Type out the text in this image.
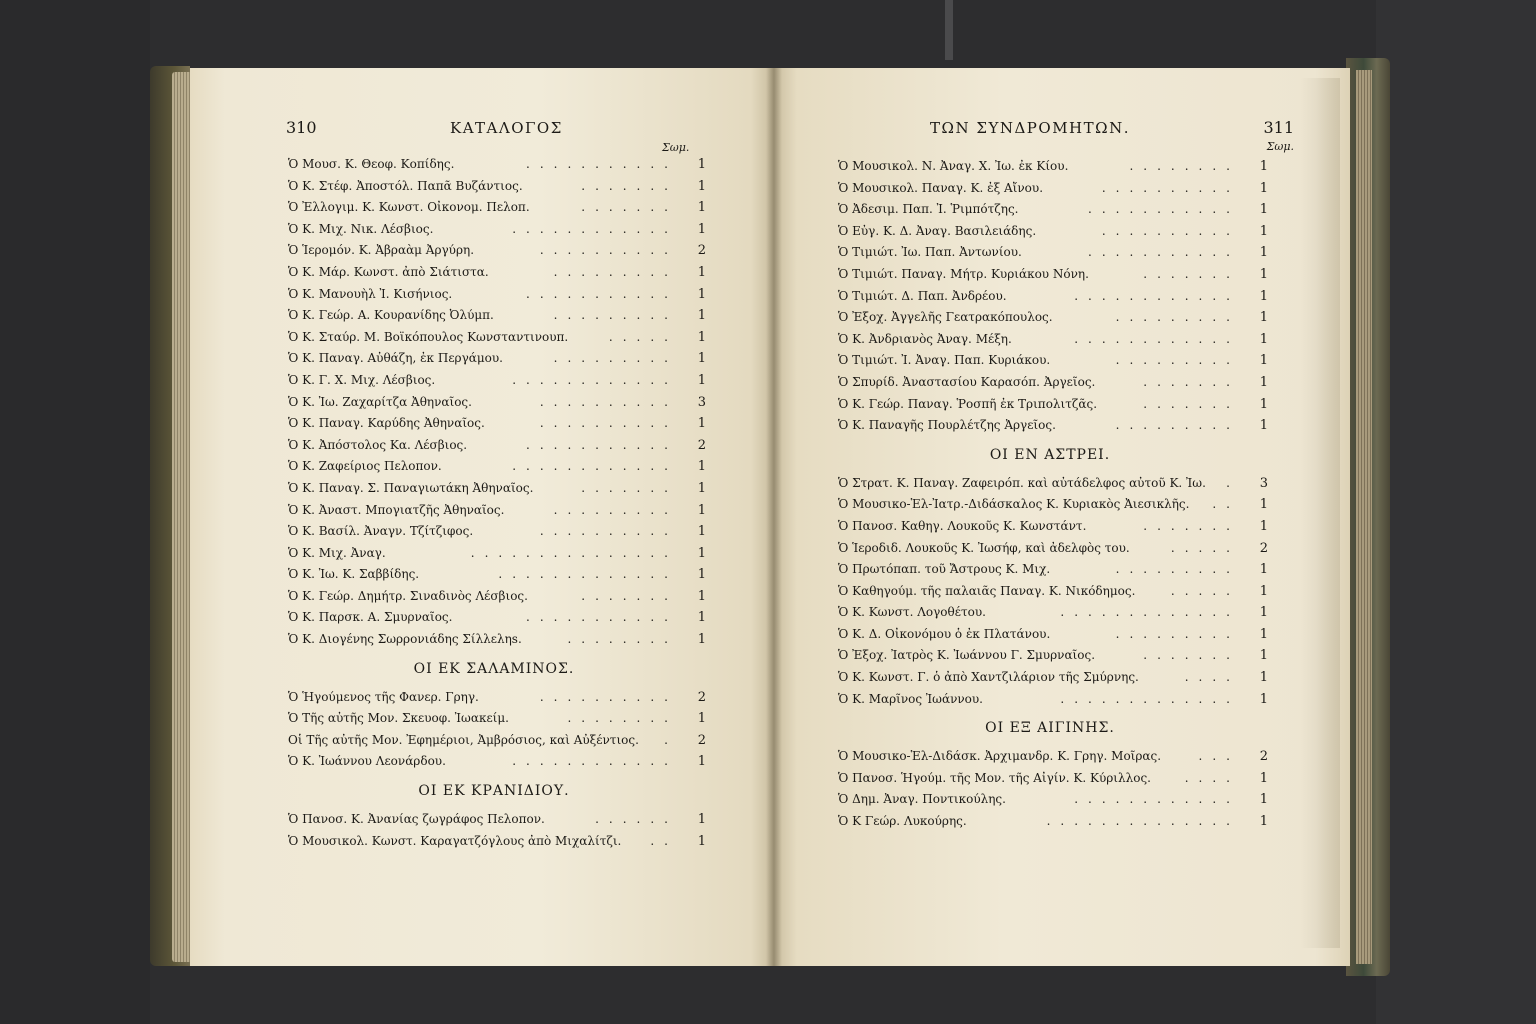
310	ΚΑΤΑΛΟΓΟΣ
Σωμ.
Ὁ Μουσ. Κ. Θεοφ. Κοπίδης.	...........	1
Ὁ Κ. Στέφ. Ἀποστόλ. Παπᾶ Βυζάντιος.	.......	1
Ὁ Ἐλλογιμ. Κ. Κωνστ. Οἰκονομ. Πελοπ.	.......	1
Ὁ Κ. Μιχ. Νικ. Λέσβιος.	............	1
Ὁ Ἱερομόν. Κ. Ἀβραὰμ Ἀργύρη.	..........	2
Ὁ Κ. Μάρ. Κωνστ. ἀπὸ Σιάτιστα.	.........	1
Ὁ Κ. Μανουὴλ Ἰ. Κισήνιος.	...........	1
Ὁ Κ. Γεώρ. Α. Κουρανίδης Ὀλύμπ.	.........	1
Ὁ Κ. Σταύρ. Μ. Βοϊκόπουλος Κωνσταντινουπ.	.....	1
Ὁ Κ. Παναγ. Αὐθάζη, ἐκ Περγάμου.	.........	1
Ὁ Κ. Γ. Χ. Μιχ. Λέσβιος.	............	1
Ὁ Κ. Ἰω. Ζαχαρίτζα Ἀθηναῖος.	..........	3
Ὁ Κ. Παναγ. Καρύδης Ἀθηναῖος.	..........	1
Ὁ Κ. Ἀπόστολος Κα. Λέσβιος.	...........	2
Ὁ Κ. Ζαφείριος Πελοπον.	............	1
Ὁ Κ. Παναγ. Σ. Παναγιωτάκη Ἀθηναῖος.	.......	1
Ὁ Κ. Ἀναστ. Μπογιατζῆς Ἀθηναῖος.	.........	1
Ὁ Κ. Βασίλ. Ἀναγν. Τζίτζιφος.	..........	1
Ὁ Κ. Μιχ. Ἀναγ.	...............	1
Ὁ Κ. Ἰω. Κ. Σαββίδης.	.............	1
Ὁ Κ. Γεώρ. Δημήτρ. Σιναδινὸς Λέσβιος.	.......	1
Ὁ Κ. Παρσκ. Α. Σμυρναῖος.	...........	1
Ὁ Κ. Διογένης Σωρρονιάδης Σίλλεληs.	........	1
ΟΙ ΕΚ ΣΑΛΑΜΙΝΟΣ.
Ὁ Ἡγούμενος τῆς Φανερ. Γρηγ.	..........	2
Ὁ Τῆς αὐτῆς Μον. Σκευοφ. Ἰωακείμ.	........	1
Οἱ Τῆς αὐτῆς Μον. Ἐφημέριοι, Ἀμβρόσιος, καὶ Αὐξέντιος. .	2
Ὁ Κ. Ἰωάννου Λεονάρδου.	............	1
ΟΙ ΕΚ ΚΡΑΝΙΔΙΟΥ.
Ὁ Πανοσ. Κ. Ἀνανίας ζωγράφος Πελοπον.	......	1
Ὁ Μουσικολ. Κωνστ. Καραγατζόγλους ἀπὸ Μιχαλίτζι. ..	1
ΤΩΝ ΣΥΝΔΡΟΜΗΤΩΝ.	311
Σωμ.
Ὁ Μουσικολ. Ν. Ἀναγ. Χ. Ἰω. ἐκ Κίου.	........	1
Ὁ Μουσικολ. Παναγ. Κ. ἐξ Αἴνου.	..........	1
Ὁ Ἀδεσιμ. Παπ. Ἰ. Ῥιμπότζης.	...........	1
Ὁ Εὐγ. Κ. Δ. Ἀναγ. Βασιλειάδης.	..........	1
Ὁ Τιμιώτ. Ἰω. Παπ. Ἀντωνίου.	...........	1
Ὁ Τιμιώτ. Παναγ. Μήτρ. Κυριάκου Νόνη.	.......	1
Ὁ Τιμιώτ. Δ. Παπ. Ἀνδρέου.	............	1
Ὁ Ἐξοχ. Ἀγγελῆς Γεατρακόπουλος.	.........	1
Ὁ Κ. Ἀνδριανὸς Ἀναγ. Μέξη.	............	1
Ὁ Τιμιώτ. Ἰ. Ἀναγ. Παπ. Κυριάκου.	.........	1
Ὁ Σπυρίδ. Ἀναστασίου Καρασόπ. Ἀργεῖος.	.......	1
Ὁ Κ. Γεώρ. Παναγ. Ῥοσπῆ ἐκ Τριπολιτζᾶς.	.......	1
Ὁ Κ. Παναγῆς Πουρλέτζης Ἀργεῖος.	.........	1
ΟΙ ΕΝ ΑΣΤΡΕΙ.
Ὁ Στρατ. Κ. Παναγ. Ζαφειρόπ. καὶ αὐτάδελφος αὐτοῦ Κ. Ἰω. .	3
Ὁ Μουσικο-Ἑλ-Ἰατρ.-Διδάσκαλος Κ. Κυριακὸς Ἀιεσικλῆς. ..	1
Ὁ Πανοσ. Καθηγ. Λουκοῦς Κ. Κωνστάντ.	.......	1
Ὁ Ἱεροδιδ. Λουκοῦς Κ. Ἰωσήφ, καὶ ἀδελφὸς του.	.....	2
Ὁ Πρωτόπαπ. τοῦ Ἄστρους Κ. Μιχ.	.........	1
Ὁ Καθηγούμ. τῆς παλαιᾶς Παναγ. Κ. Νικόδημος.	.....	1
Ὁ Κ. Κωνστ. Λογοθέτου.	.............	1
Ὁ Κ. Δ. Οἰκονόμου ὁ ἐκ Πλατάνου.	.........	1
Ὁ Ἐξοχ. Ἰατρὸς Κ. Ἰωάννου Γ. Σμυρναῖος.	.......	1
Ὁ Κ. Κωνστ. Γ. ὁ ἀπὸ Χαντζιλάριον τῆς Σμύρνης.	....	1
Ὁ Κ. Μαρῖνος Ἰωάννου.	.............	1
ΟΙ ΕΞ ΑΙΓΙΝΗΣ.
Ὁ Μουσικο-Ἑλ-Διδάσκ. Ἀρχιμανδρ. Κ. Γρηγ. Μοῖρας.	...	2
Ὁ Πανοσ. Ἡγούμ. τῆς Μον. τῆς Αἰγίν. Κ. Κύριλλος.	....	1
Ὁ Δημ. Ἀναγ. Ποντικούλης.	............	1
Ὁ Κ Γεώρ. Λυκούρης.	..............	1
